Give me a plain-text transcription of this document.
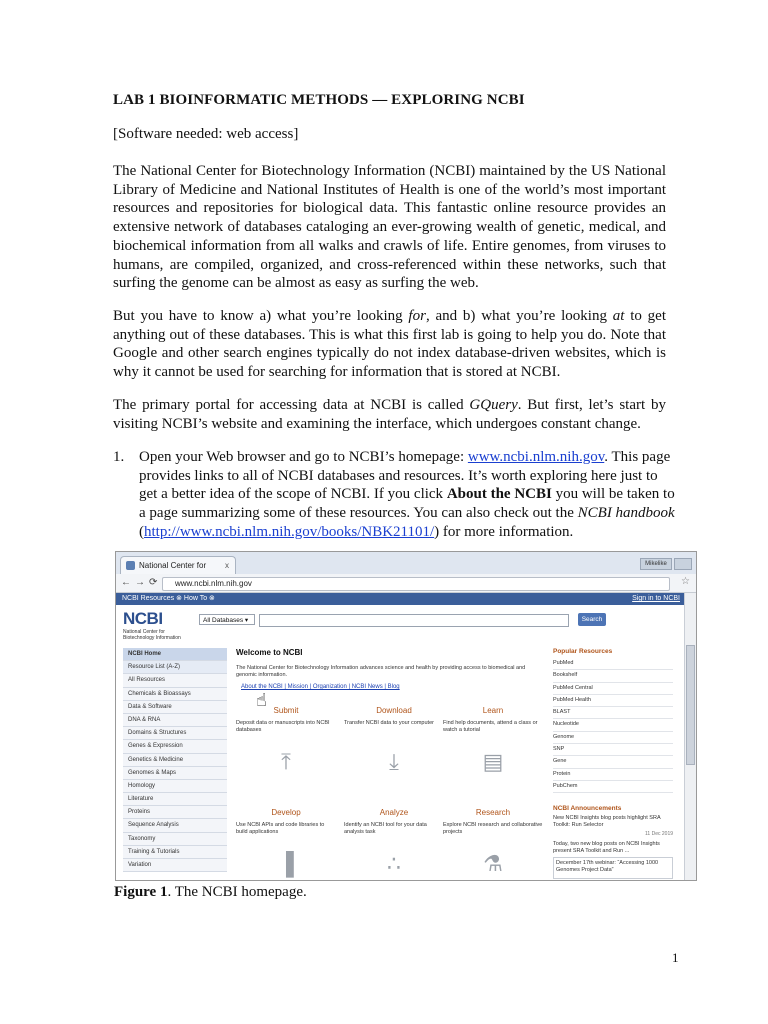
LAB 1 BIOINFORMATIC METHODS — EXPLORING NCBI
[Software needed: web access]
The National Center for Biotechnology Information (NCBI) maintained by the US National Library of Medicine and National Institutes of Health is one of the world’s most important resources and repositories for biological data. This fantastic online resource provides an extensive network of databases cataloging an ever-growing wealth of genetic, medical, and biochemical information from all walks and crawls of life. Entire genomes, from viruses to humans, are compiled, organized, and cross-referenced within these networks, such that surfing the genome can be almost as easy as surfing the web.
But you have to know a) what you’re looking for, and b) what you’re looking at to get anything out of these databases. This is what this first lab is going to help you do. Note that Google and other search engines typically do not index database-driven websites, which is why it cannot be used for searching for information that is stored at NCBI.
The primary portal for accessing data at NCBI is called GQuery. But first, let’s start by visiting NCBI’s website and examining the interface, which undergoes constant change.
1. Open your Web browser and go to NCBI’s homepage: www.ncbi.nlm.nih.gov. This page provides links to all of NCBI databases and resources. It’s worth exploring here just to get a better idea of the scope of NCBI. If you click About the NCBI you will be taken to a page summarizing some of these resources. You can also check out the NCBI handbook (http://www.ncbi.nlm.nih.gov/books/NBK21101/) for more information.
Figure 1. The NCBI homepage.
1
National Center for x	Mikelike
←→⟳	www.ncbi.nlm.nih.gov	☆
NCBI Resources ⊗ How To ⊗	Sign in to NCBI
NCBI
National Center for Biotechnology Information
All Databases ▾	Search
NCBI Home
Resource List (A-Z)
All Resources
Chemicals & Bioassays
Data & Software
DNA & RNA
Domains & Structures
Genes & Expression
Genetics & Medicine
Genomes & Maps
Homology
Literature
Proteins
Sequence Analysis
Taxonomy
Training & Tutorials
Variation
Welcome to NCBI
The National Center for Biotechnology Information advances science and health by providing access to biomedical and genomic information.
About the NCBI | Mission | Organization | NCBI News | Blog
☝
Submit
Deposit data or manuscripts into NCBI databases
⤒
Download
Transfer NCBI data to your computer
⤓
Learn
Find help documents, attend a class or watch a tutorial
▤
Develop
Use NCBI APIs and code libraries to build applications
▐
Analyze
Identify an NCBI tool for your data analysis task
∴
Research
Explore NCBI research and collaborative projects
⚗
Popular Resources
PubMed
Bookshelf
PubMed Central
PubMed Health
BLAST
Nucleotide
Genome
SNP
Gene
Protein
PubChem
NCBI Announcements
New NCBI Insights blog posts highlight SRA Toolkit: Run Selector
11 Dec 2019
Today, two new blog posts on NCBI Insights present SRA Toolkit and Run ...
December 17th webinar: “Accessing 1000 Genomes Project Data”
